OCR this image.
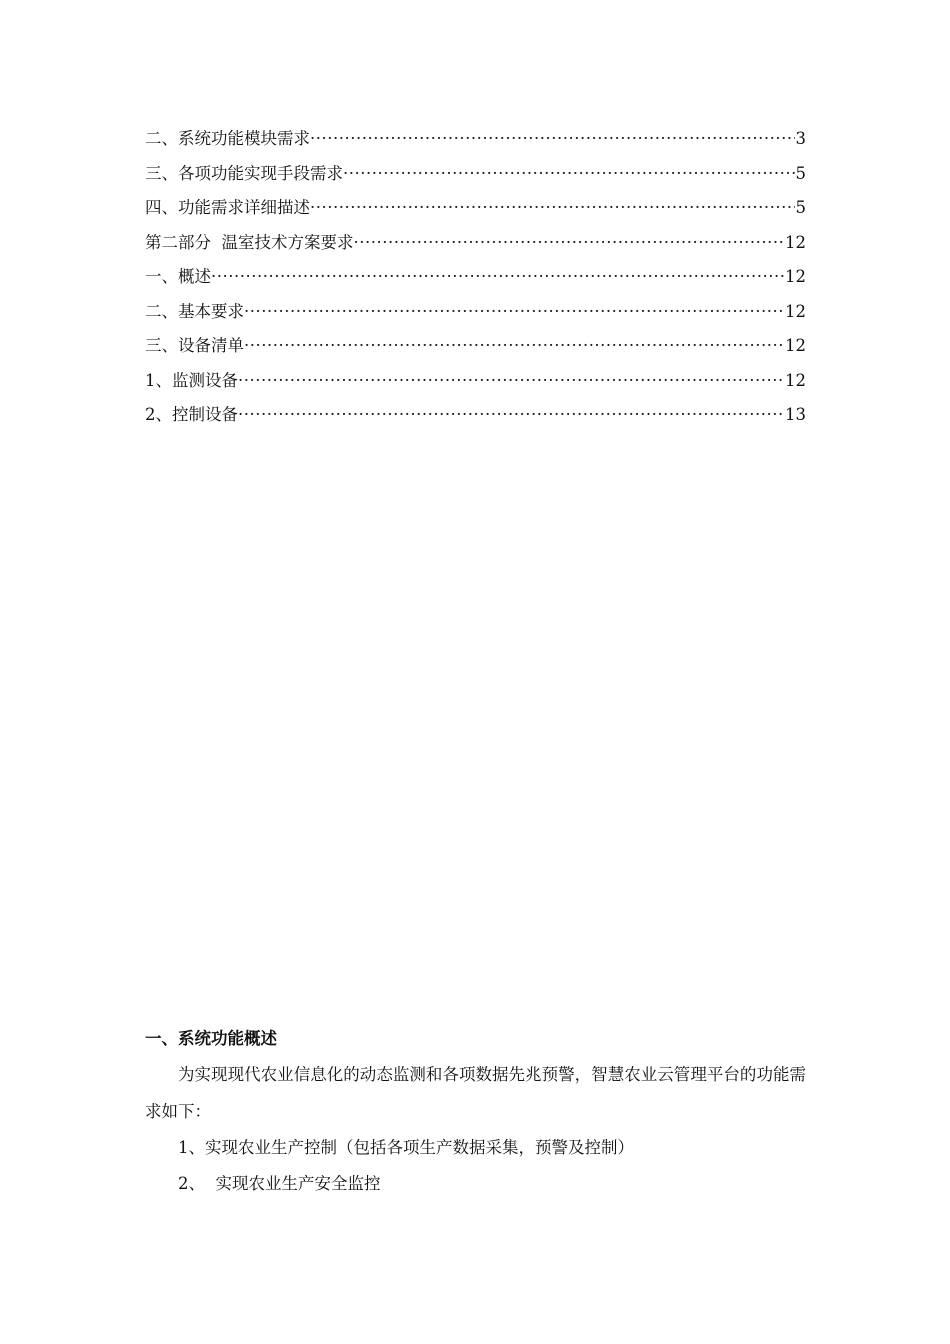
二、系统功能模块需求 ·····	3
三、各项功能实现手段需求 ·····	5
四、功能需求详细描述 ·····	5
第二部分  温室技术方案要求 ·····	12
一、概述 ·····	12
二、基本要求 ·····	12
三、设备清单 ·····	12
1、监测设备 ·····	12
2、控制设备 ·····	13
一、系统功能概述

为实现现代农业信息化的动态监测和各项数据先兆预警，智慧农业云管理平台的功能需求如下：

1、实现农业生产控制（包括各项生产数据采集，预警及控制）
2、  实现农业生产安全监控
